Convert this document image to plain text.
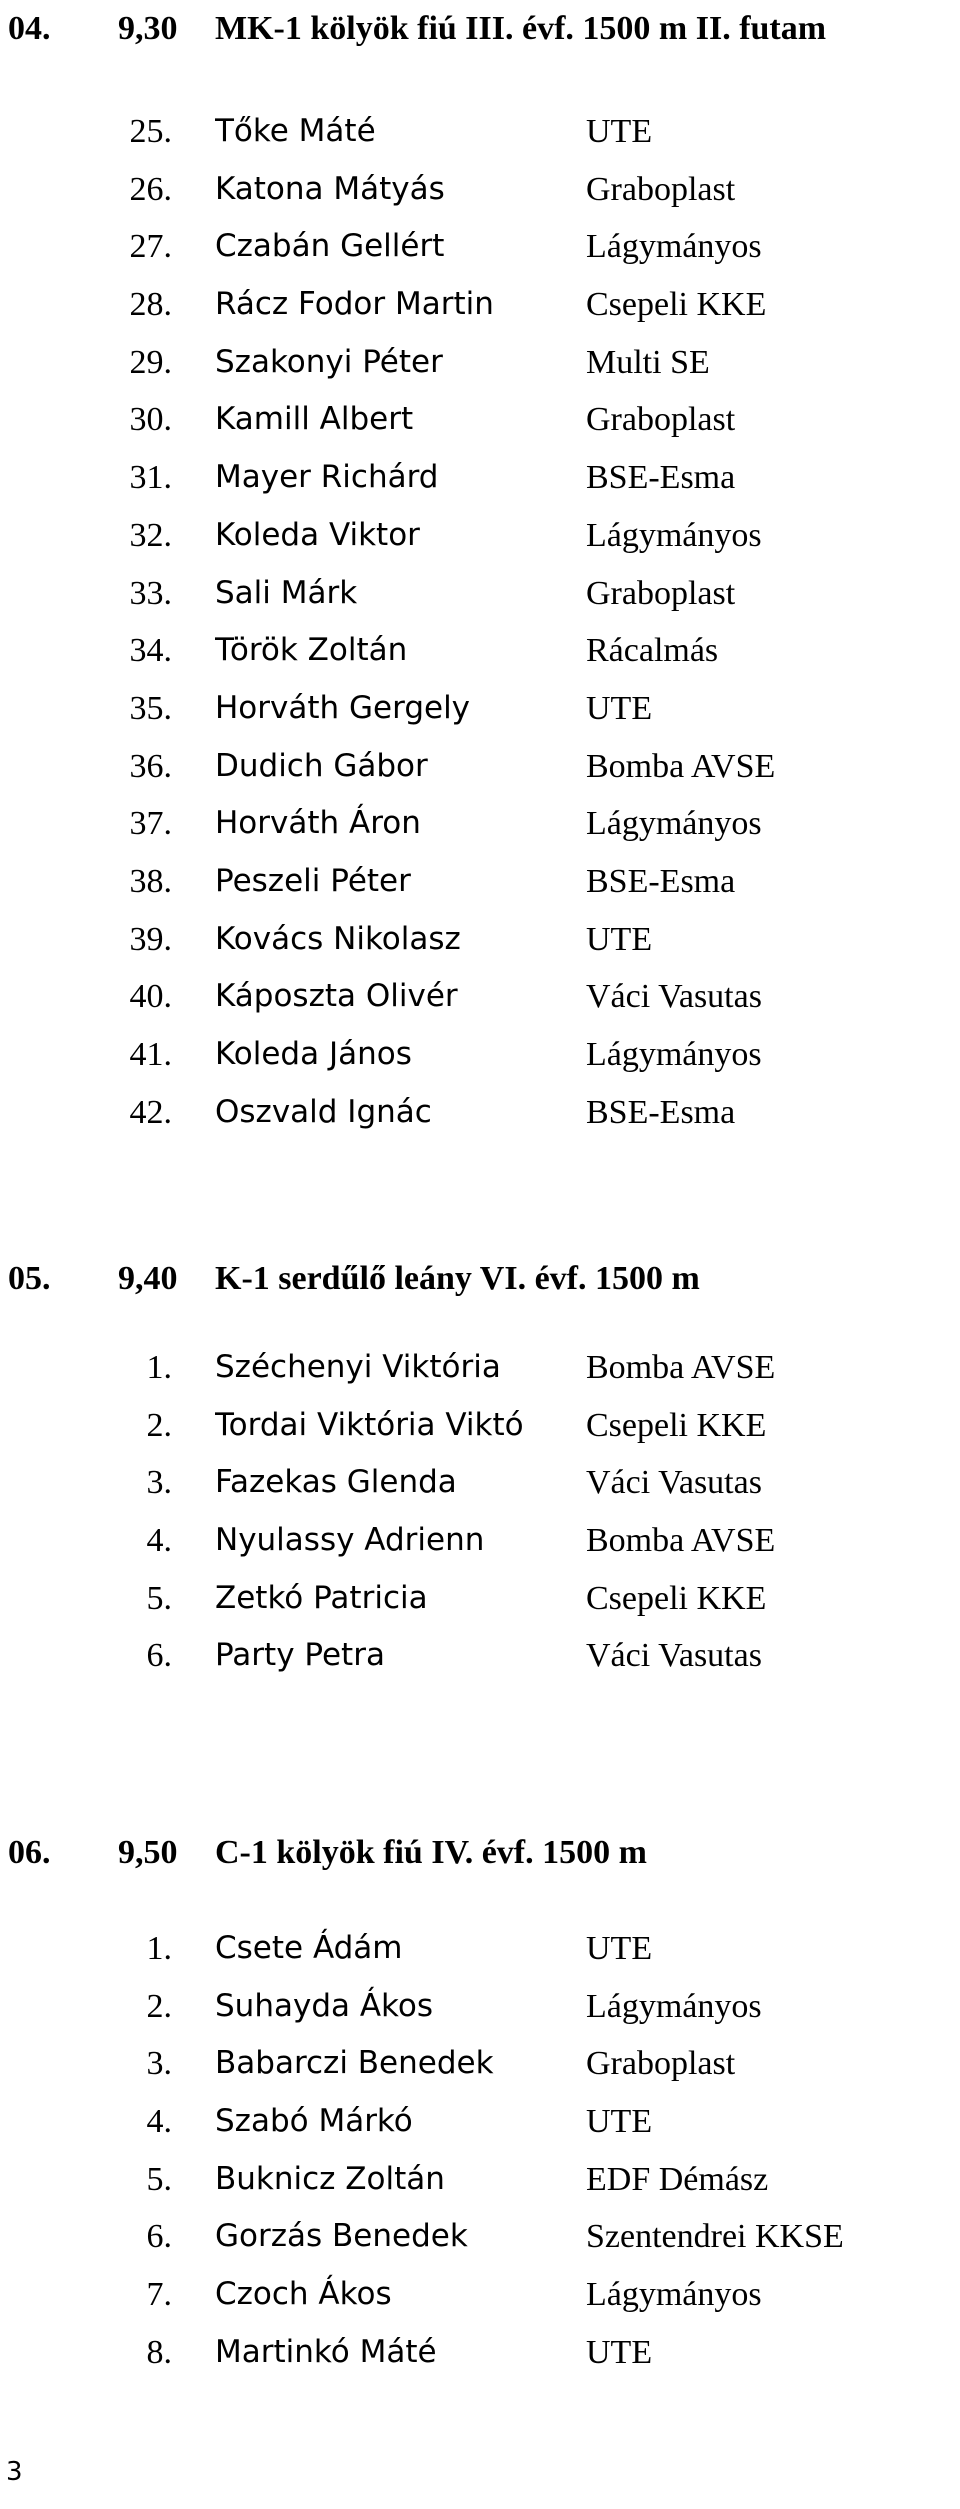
04. 9,30 MK-1 kölyök fiú III. évf. 1500 m II. futam
25. Tőke Máté	UTE
26. Katona Mátyás	Graboplast
27. Czabán Gellért	Lágymányos
28. Rácz Fodor Martin	Csepeli KKE
29. Szakonyi Péter	Multi SE
30. Kamill Albert	Graboplast
31. Mayer Richárd	BSE-Esma
32. Koleda Viktor	Lágymányos
33. Sali Márk	Graboplast
34. Török Zoltán	Rácalmás
35. Horváth Gergely	UTE
36. Dudich Gábor	Bomba AVSE
37. Horváth Áron	Lágymányos
38. Peszeli Péter	BSE-Esma
39. Kovács Nikolasz	UTE
40. Káposzta Olivér	Váci Vasutas
41. Koleda János	Lágymányos
42. Oszvald Ignác	BSE-Esma
05. 9,40 K-1 serdűlő leány VI. évf. 1500 m
1. Széchenyi Viktória	Bomba AVSE
2. Tordai Viktória Viktó	Csepeli KKE
3. Fazekas Glenda	Váci Vasutas
4. Nyulassy Adrienn	Bomba AVSE
5. Zetkó Patricia	Csepeli KKE
6. Party Petra	Váci Vasutas
06. 9,50 C-1 kölyök fiú IV. évf. 1500 m
1. Csete Ádám	UTE
2. Suhayda Ákos	Lágymányos
3. Babarczi Benedek	Graboplast
4. Szabó Márkó	UTE
5. Buknicz Zoltán	EDF Démász
6. Gorzás Benedek	Szentendrei KKSE
7. Czoch Ákos	Lágymányos
8. Martinkó Máté	UTE
3
